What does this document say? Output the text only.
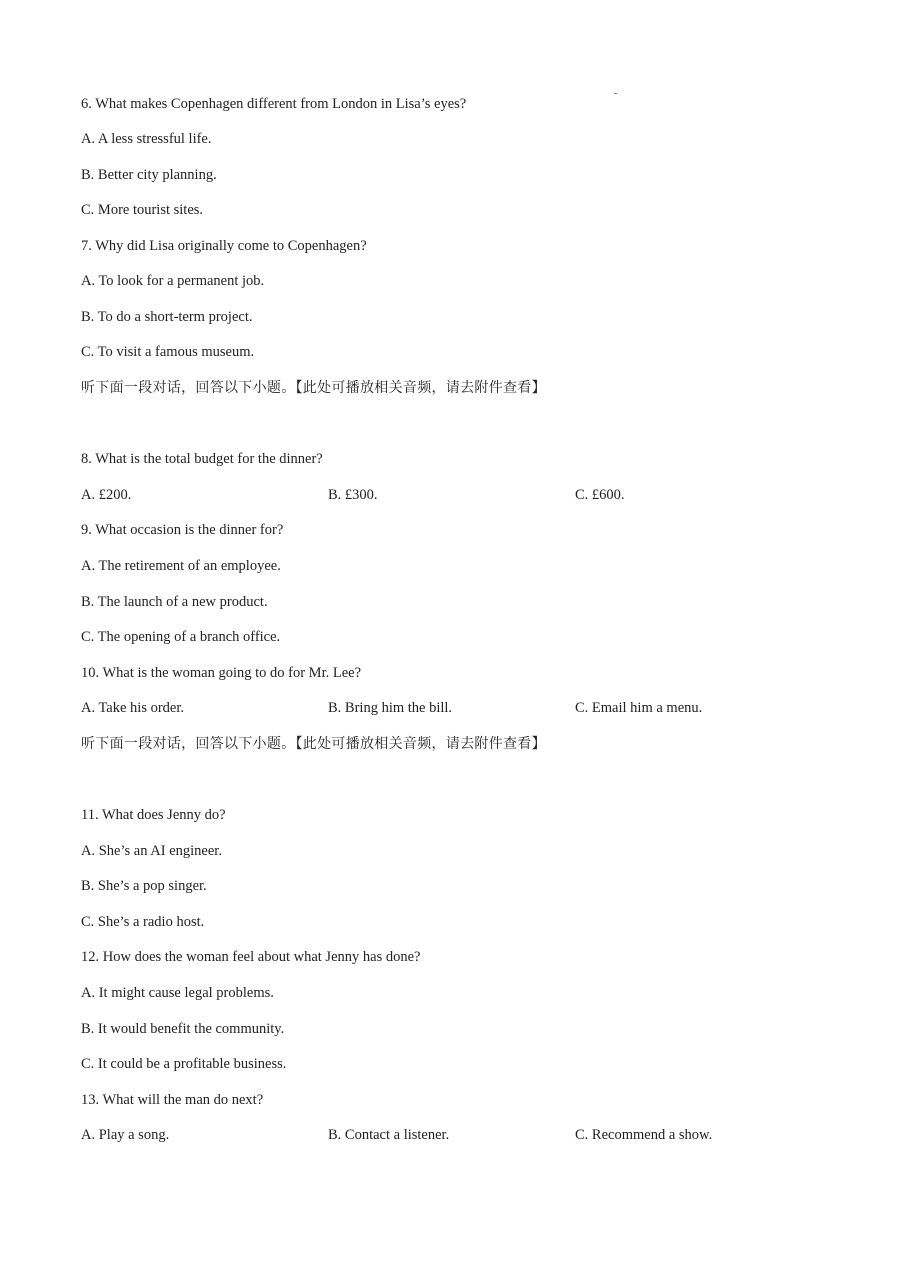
6. What makes Copenhagen different from London in Lisa’s eyes?
A. A less stressful life.
B. Better city planning.
C. More tourist sites.
7. Why did Lisa originally come to Copenhagen?
A. To look for a permanent job.
B. To do a short-term project.
C. To visit a famous museum.
听下面一段对话，回答以下小题。【此处可播放相关音频，请去附件查看】
8. What is the total budget for the dinner?
A. £200.	B. £300.	C. £600.
9. What occasion is the dinner for?
A. The retirement of an employee.
B. The launch of a new product.
C. The opening of a branch office.
10. What is the woman going to do for Mr. Lee?
A. Take his order.	B. Bring him the bill.	C. Email him a menu.
听下面一段对话，回答以下小题。【此处可播放相关音频，请去附件查看】
11. What does Jenny do?
A. She’s an AI engineer.
B. She’s a pop singer.
C. She’s a radio host.
12. How does the woman feel about what Jenny has done?
A. It might cause legal problems.
B. It would benefit the community.
C. It could be a profitable business.
13. What will the man do next?
A. Play a song.	B. Contact a listener.	C. Recommend a show.
